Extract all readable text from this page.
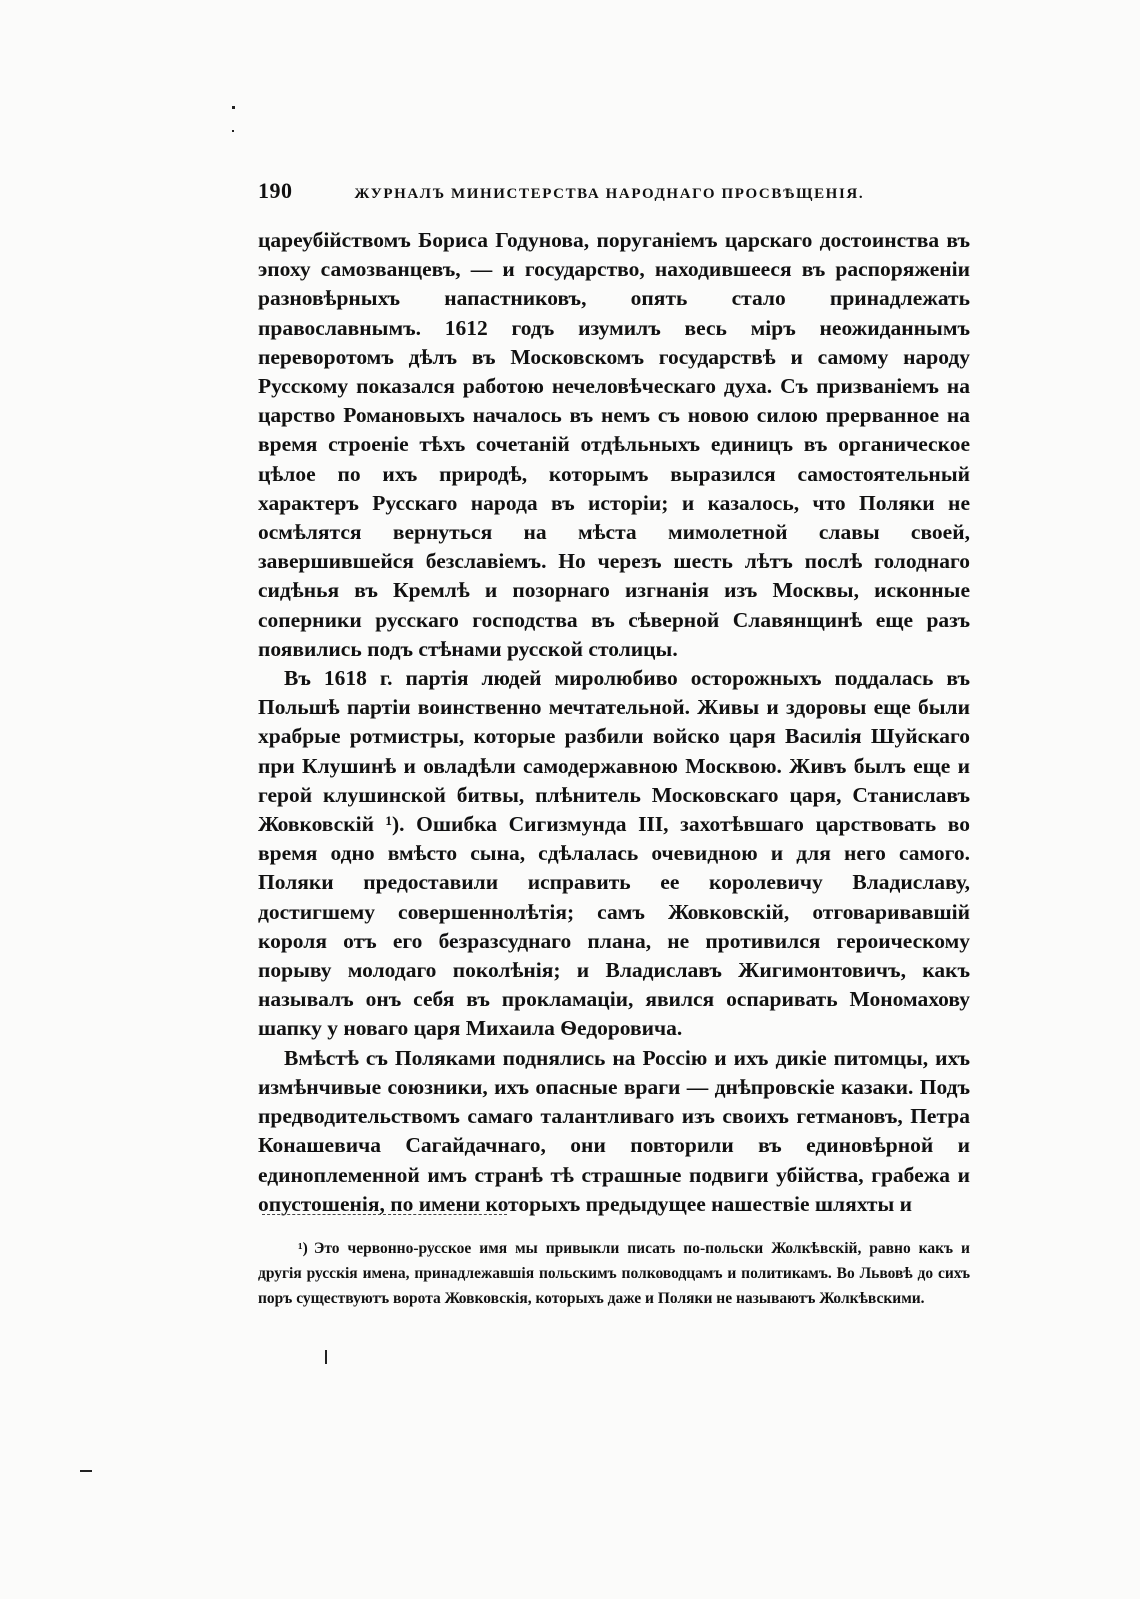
190	ЖУРНАЛЪ МИНИСТЕРСТВА НАРОДНАГО ПРОСВѢЩЕНІЯ.

цареубійствомъ Бориса Годунова, поруганіемъ царскаго достоинства въ эпоху самозванцевъ, — и государство, находившееся въ распоряженіи разновѣрныхъ напастниковъ, опять стало принадлежать православнымъ. 1612 годъ изумилъ весь міръ неожиданнымъ переворотомъ дѣлъ въ Московскомъ государствѣ и самому народу Русскому показался работою нечеловѣческаго духа. Съ призваніемъ на царство Романовыхъ началось въ немъ съ новою силою прерванное на время строеніе тѣхъ сочетаній отдѣльныхъ единицъ въ органическое цѣлое по ихъ природѣ, которымъ выразился самостоятельный характеръ Русскаго народа въ исторіи; и казалось, что Поляки не осмѣлятся вернуться на мѣста мимолетной славы своей, завершившейся безславіемъ. Но черезъ шесть лѣтъ послѣ голоднаго сидѣнья въ Кремлѣ и позорнаго изгнанія изъ Москвы, исконные соперники русскаго господства въ сѣверной Славянщинѣ еще разъ появились подъ стѣнами русской столицы.

Въ 1618 г. партія людей миролюбиво осторожныхъ поддалась въ Польшѣ партіи воинственно мечтательной. Живы и здоровы еще были храбрые ротмистры, которые разбили войско царя Василія Шуйскаго при Клушинѣ и овладѣли самодержавною Москвою. Живъ былъ еще и герой клушинской битвы, плѣнитель Московскаго царя, Станиславъ Жовковскій ¹). Ошибка Сигизмунда III, захотѣвшаго царствовать во время одно вмѣсто сына, сдѣлалась очевидною и для него самого. Поляки предоставили исправить ее королевичу Владиславу, достигшему совершеннолѣтія; самъ Жовковскій, отговаривавшій короля отъ его безразсуднаго плана, не противился героическому порыву молодаго поколѣнія; и Владиславъ Жигимонтовичъ, какъ называлъ онъ себя въ прокламаціи, явился оспаривать Мономахову шапку у новаго царя Михаила Ѳедоровича.

Вмѣстѣ съ Поляками поднялись на Россію и ихъ дикіе питомцы, ихъ измѣнчивые союзники, ихъ опасные враги — днѣпровскіе казаки. Подъ предводительствомъ самаго талантливаго изъ своихъ гетмановъ, Петра Конашевича Сагайдачнаго, они повторили въ единовѣрной и единоплеменной имъ странѣ тѣ страшные подвиги убійства, грабежа и опустошенія, по имени которыхъ предыдущее нашествіе шляхты и

¹) Это червонно-русское имя мы привыкли писать по-польски Жолкѣвскій, равно какъ и другія русскія имена, принадлежавшія польскимъ полководцамъ и политикамъ. Во Львовѣ до сихъ поръ существуютъ ворота Жовковскія, которыхъ даже и Поляки не называютъ Жолкѣвскими.
